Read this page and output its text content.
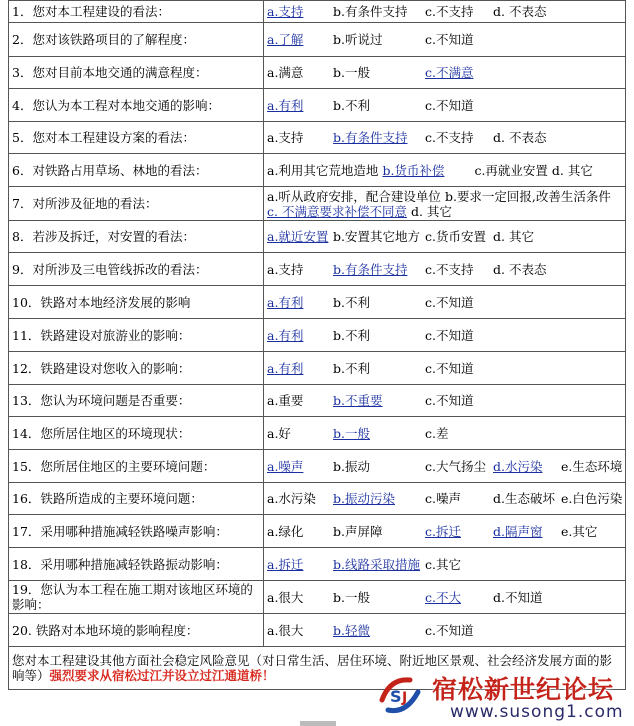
1．您对本工程建设的看法：	a.支持 b.有条件支持 c.不支持 d. 不表态

2．您对该铁路项目的了解程度：	a.了解 b.听说过 c.不知道

3．您对目前本地交通的满意程度：	a.满意 b.一般 c.不满意

4．您认为本工程对本地交通的影响：	a.有利 b.不利 c.不知道

5．您对本工程建设方案的看法：	a.支持 b.有条件支持 c.不支持 d. 不表态

6．对铁路占用草场、林地的看法：	a.利用其它荒地造地 b.货币补偿 c.再就业安置 d. 其它

7．对所涉及征地的看法：	a.听从政府安排，配合建设单位 b.要求一定回报,改善生活条件c. 不满意要求补偿不同意 d. 其它

8．若涉及拆迁，对安置的看法：	a.就近安置 b.安置其它地方 c.货币安置 d. 其它

9．对所涉及三电管线拆改的看法：	a.支持 b.有条件支持 c.不支持 d. 不表态

10．铁路对本地经济发展的影响	a.有利 b.不利 c.不知道

11．铁路建设对旅游业的影响：	a.有利 b.不利 c.不知道

12．铁路建设对您收入的影响：	a.有利 b.不利 c.不知道

13．您认为环境问题是否重要：	a.重要 b.不重要 c.不知道

14．您所居住地区的环境现状：	a.好 b.一般 c.差

15．您所居住地区的主要环境问题：	a.噪声 b.振动 c.大气扬尘 d.水污染 e.生态环境

16．铁路所造成的主要环境问题：	a.水污染 b.振动污染 c.噪声 d.生态破坏 e.白色污染

17．采用哪种措施减轻铁路噪声影响：	a.绿化 b.声屏障 c.拆迁 d.隔声窗 e.其它

18．采用哪种措施减轻铁路振动影响：	a.拆迁 b.线路采取措施 c.其它

19．您认为本工程在施工期对该地区环境的影响：	a.很大 b.一般 c.不大 d.不知道

20. 铁路对本地环境的影响程度：	a.很大 b.轻微 c.不知道

您对本工程建设其他方面社会稳定风险意见（对日常生活、居住环境、附近地区景观、社会经济发展方面的影响等）强烈要求从宿松过江并设立过江通道桥！	
S J 宿松新世纪论坛
www.susong1.com
